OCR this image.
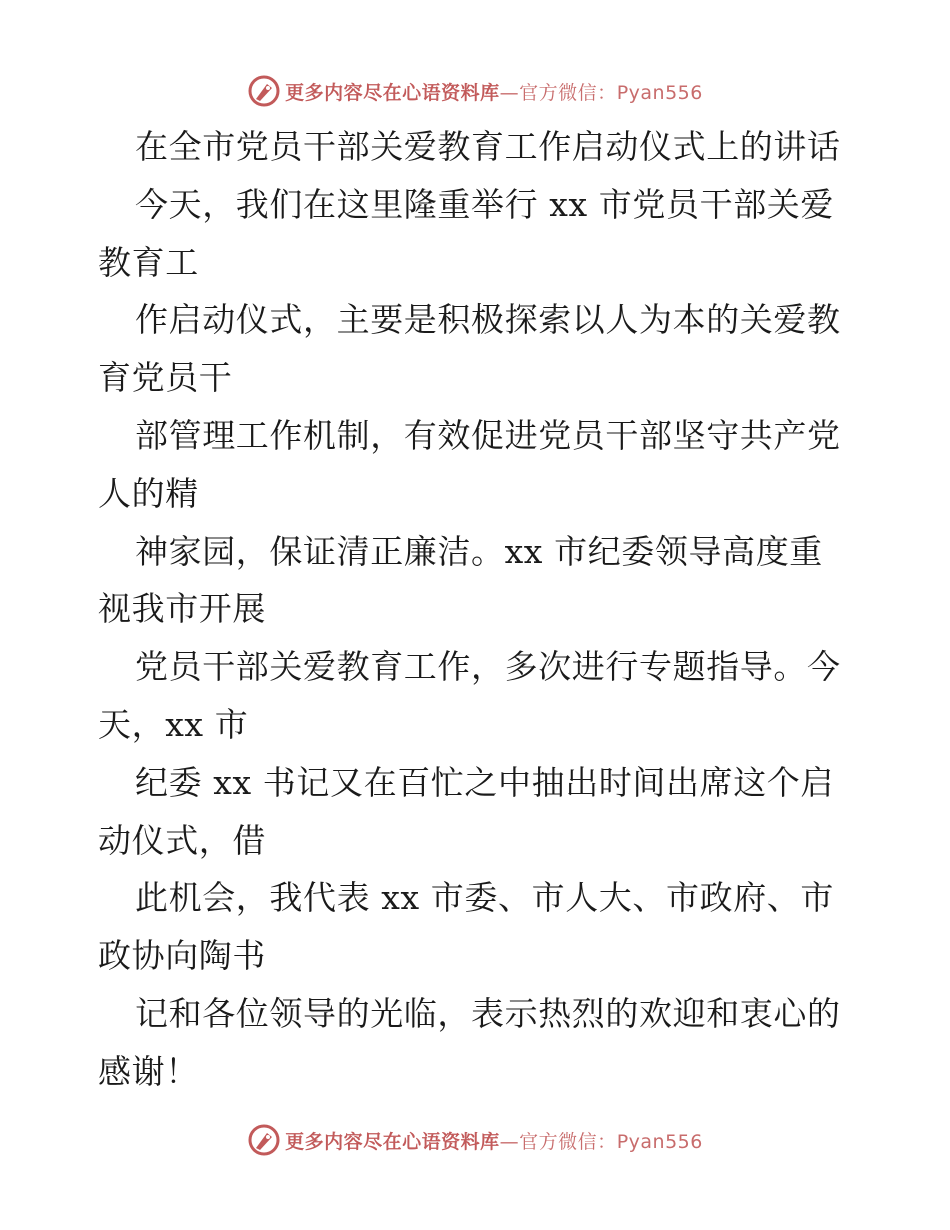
更多内容尽在心语资料库—官方微信：Pyan556
在全市党员干部关爱教育工作启动仪式上的讲话
今天，我们在这里隆重举行 xx 市党员干部关爱
教育工
作启动仪式，主要是积极探索以人为本的关爱教
育党员干
部管理工作机制，有效促进党员干部坚守共产党
人的精
神家园，保证清正廉洁。xx 市纪委领导高度重
视我市开展
党员干部关爱教育工作，多次进行专题指导。今
天，xx 市
纪委 xx 书记又在百忙之中抽出时间出席这个启
动仪式，借
此机会，我代表 xx 市委、市人大、市政府、市
政协向陶书
记和各位领导的光临，表示热烈的欢迎和衷心的
感谢！
更多内容尽在心语资料库—官方微信：Pyan556
